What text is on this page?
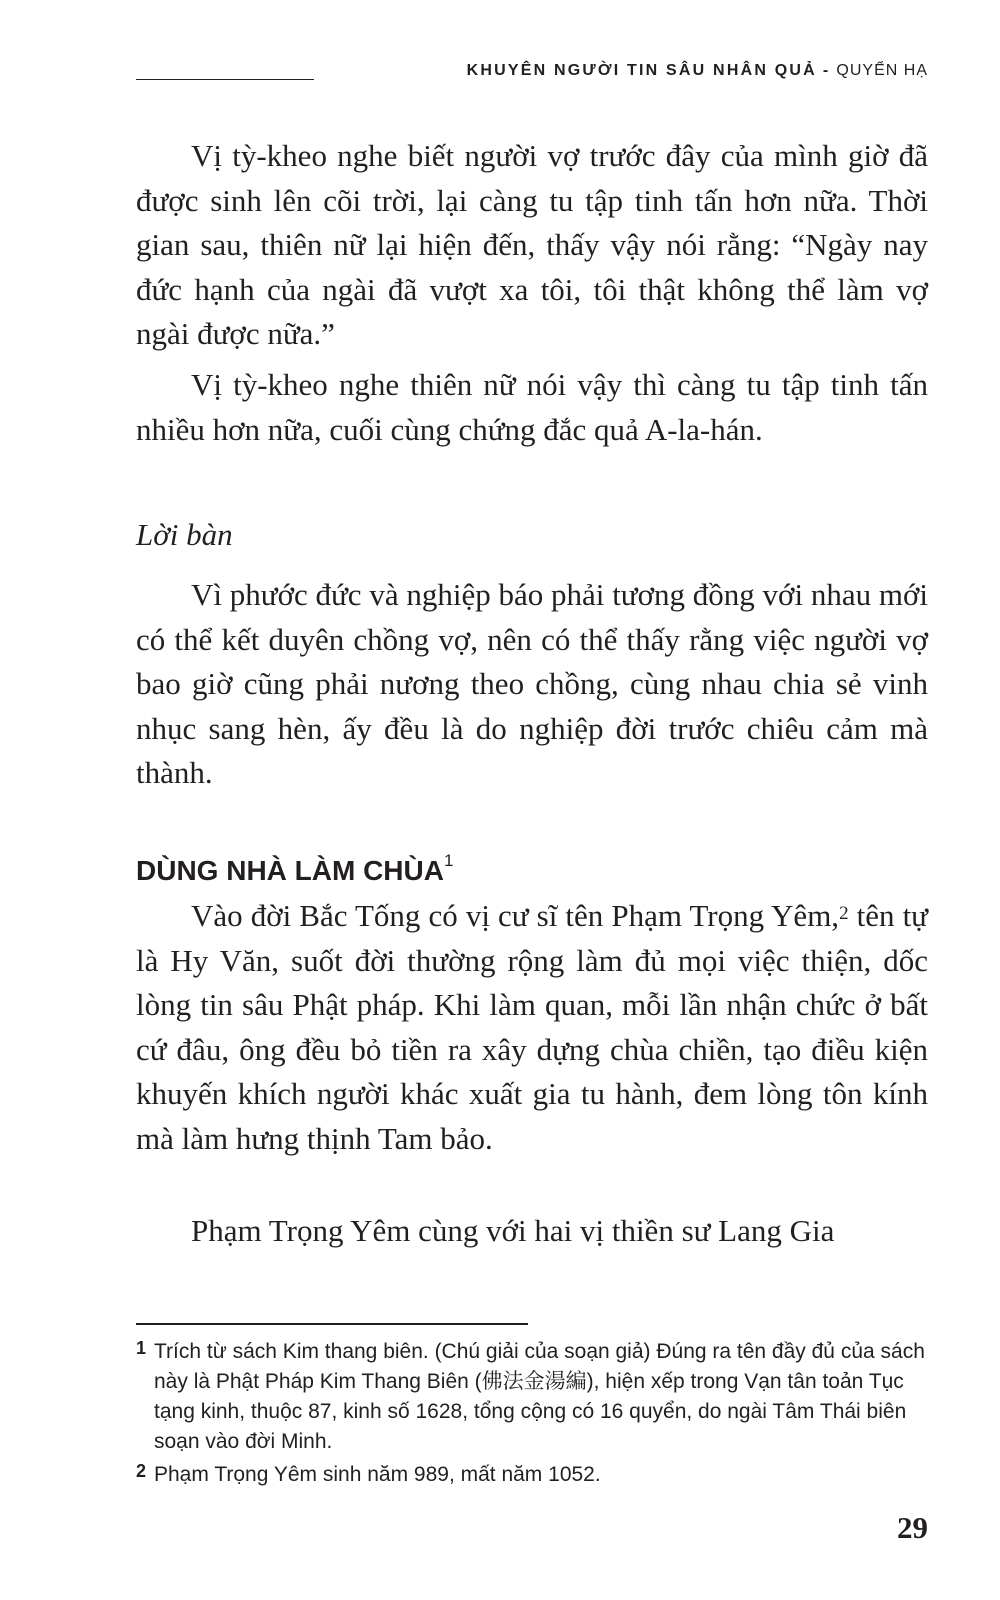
KHUYÊN NGƯỜI TIN SÂU NHÂN QUẢ - QUYỂN HẠ

Vị tỳ-kheo nghe biết người vợ trước đây của mình giờ đã được sinh lên cõi trời, lại càng tu tập tinh tấn hơn nữa. Thời gian sau, thiên nữ lại hiện đến, thấy vậy nói rằng: “Ngày nay đức hạnh của ngài đã vượt xa tôi, tôi thật không thể làm vợ ngài được nữa.”

Vị tỳ-kheo nghe thiên nữ nói vậy thì càng tu tập tinh tấn nhiều hơn nữa, cuối cùng chứng đắc quả A-la-hán.

Lời bàn

Vì phước đức và nghiệp báo phải tương đồng với nhau mới có thể kết duyên chồng vợ, nên có thể thấy rằng việc người vợ bao giờ cũng phải nương theo chồng, cùng nhau chia sẻ vinh nhục sang hèn, ấy đều là do nghiệp đời trước chiêu cảm mà thành.

DÙNG NHÀ LÀM CHÙA$^1$

Vào đời Bắc Tống có vị cư sĩ tên Phạm Trọng Yêm,$^2$ tên tự là Hy Văn, suốt đời thường rộng làm đủ mọi việc thiện, dốc lòng tin sâu Phật pháp. Khi làm quan, mỗi lần nhận chức ở bất cứ đâu, ông đều bỏ tiền ra xây dựng chùa chiền, tạo điều kiện khuyến khích người khác xuất gia tu hành, đem lòng tôn kính mà làm hưng thịnh Tam bảo.

Phạm Trọng Yêm cùng với hai vị thiền sư Lang Gia

1 Trích từ sách Kim thang biên. (Chú giải của soạn giả) Đúng ra tên đầy đủ của sách này là Phật Pháp Kim Thang Biên (佛法金湯編), hiện xếp trong Vạn tân toản Tục tạng kinh, thuộc 87, kinh số 1628, tổng cộng có 16 quyển, do ngài Tâm Thái biên soạn vào đời Minh.

2 Phạm Trọng Yêm sinh năm 989, mất năm 1052.

29
